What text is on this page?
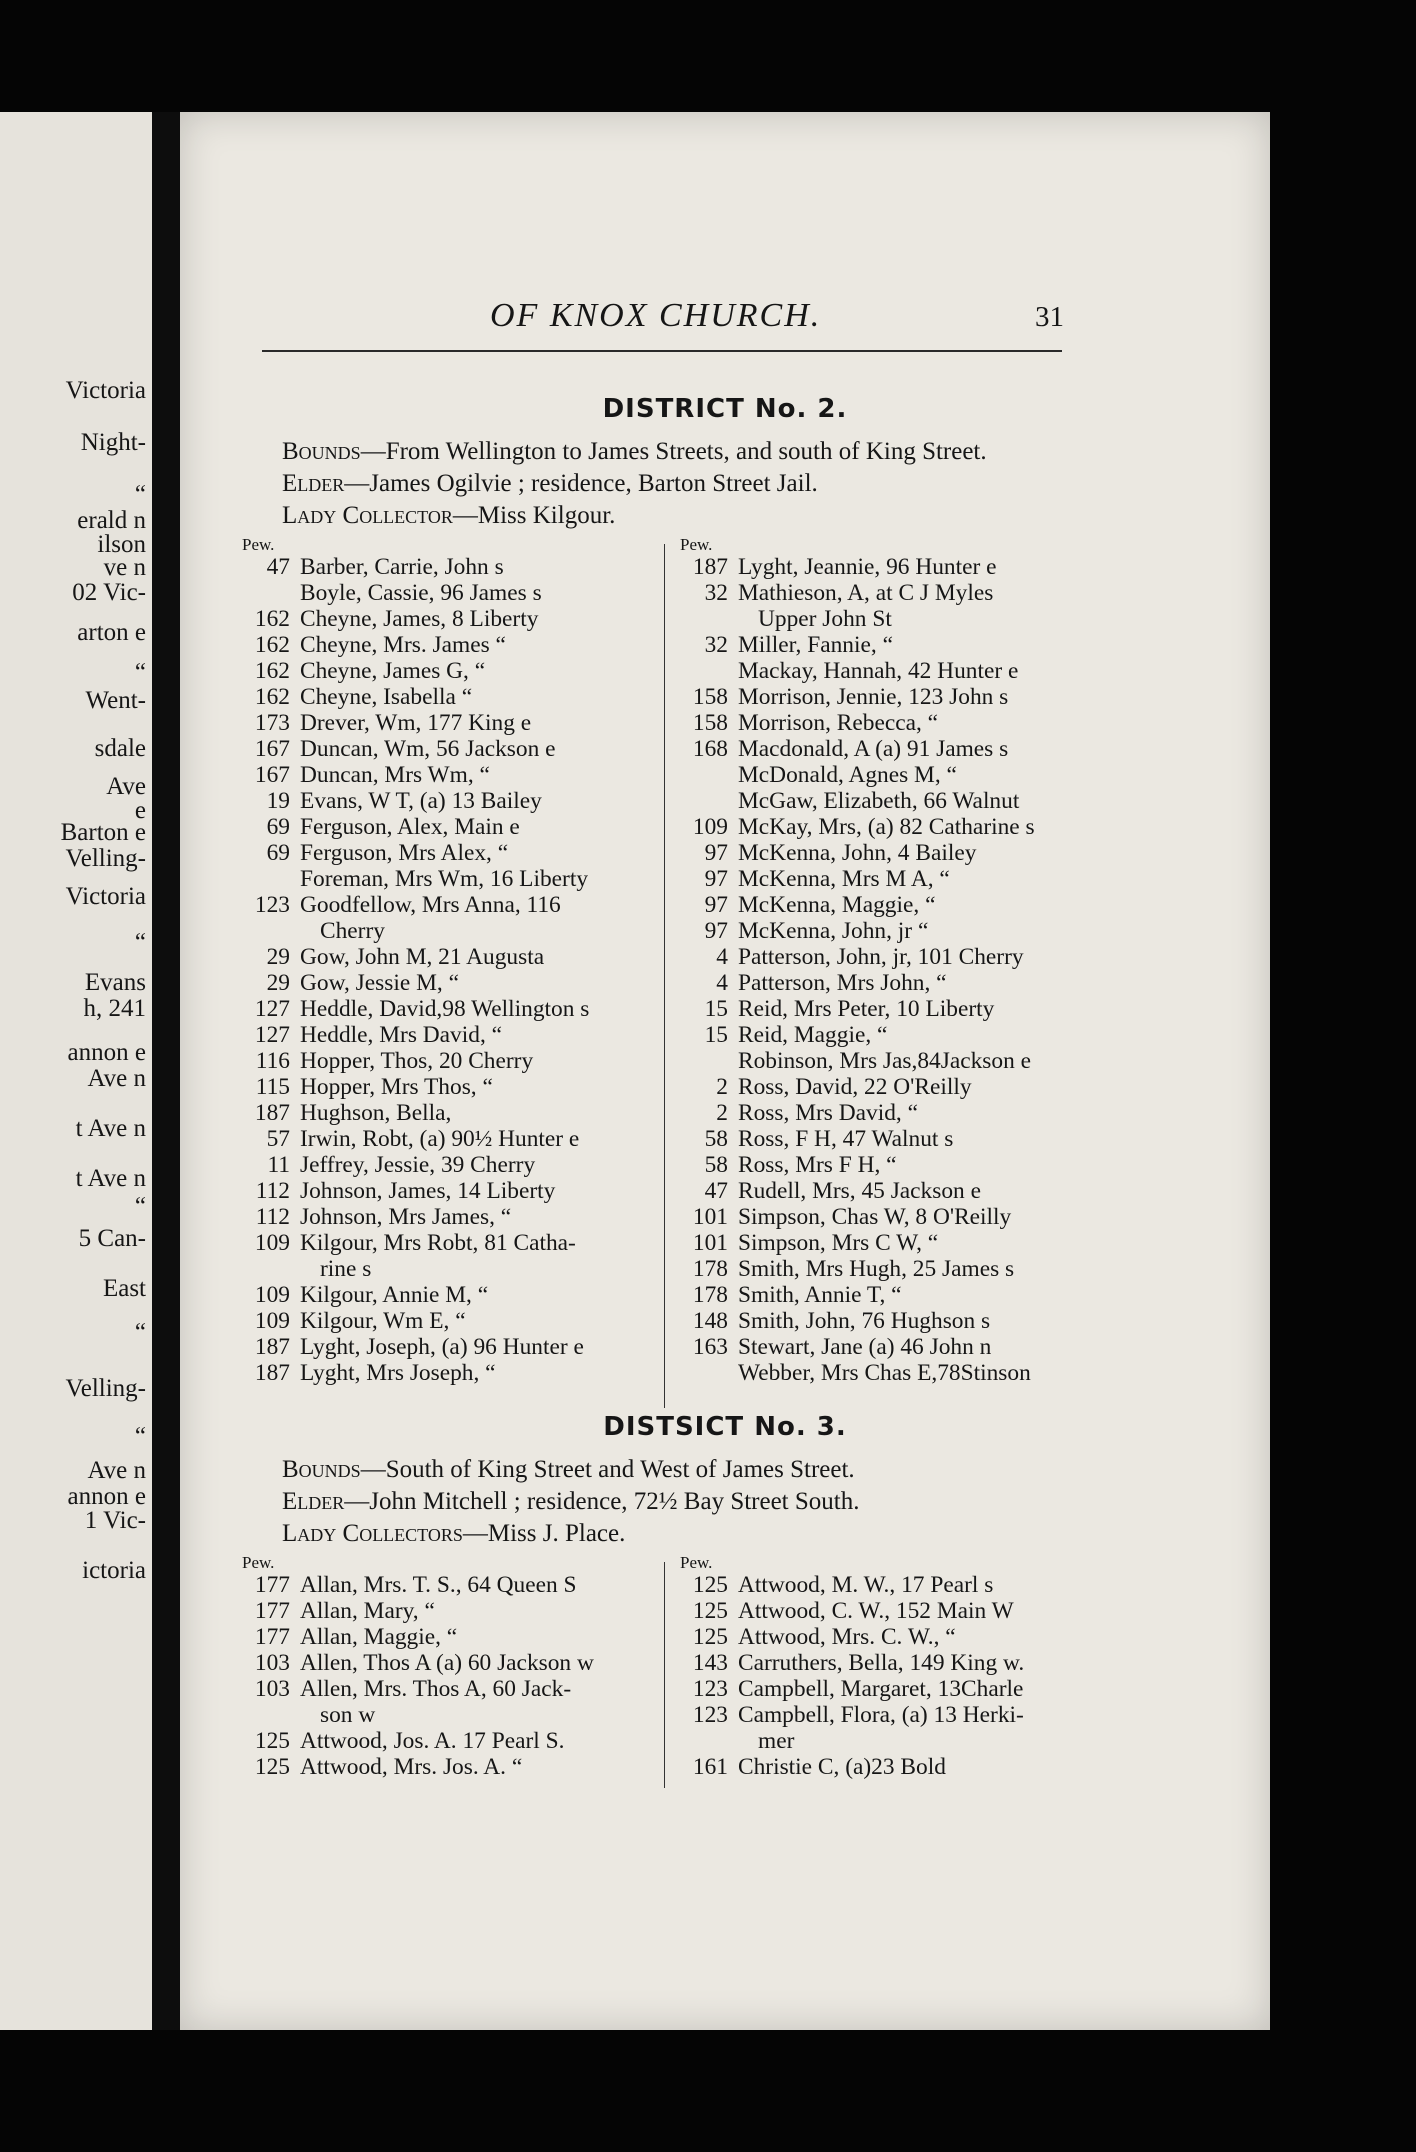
Victoria
Night-
“
erald n
ilson
ve n
02 Vic-
arton e
“
Went-
sdale
Ave
e
Barton e
Velling-
Victoria
“
Evans
h, 241
annon e
Ave n
t Ave n
t Ave n
“
5 Can-
East
“
Velling-
“
Ave n
annon e
1 Vic-
ictoria
OF KNOX CHURCH.	31
DISTRICT No. 2.
Bounds—From Wellington to James Streets, and south of King Street.
Elder—James Ogilvie ; residence, Barton Street Jail.
Lady Collector—Miss Kilgour.
Pew.
47 Barber, Carrie, John s
Boyle, Cassie, 96 James s
162 Cheyne, James, 8 Liberty
162 Cheyne, Mrs. James “
162 Cheyne, James G, “
162 Cheyne, Isabella “
173 Drever, Wm, 177 King e
167 Duncan, Wm, 56 Jackson e
167 Duncan, Mrs Wm, “
19 Evans, W T, (a) 13 Bailey
69 Ferguson, Alex, Main e
69 Ferguson, Mrs Alex, “
Foreman, Mrs Wm, 16 Liberty
123 Goodfellow, Mrs Anna, 116
Cherry
29 Gow, John M, 21 Augusta
29 Gow, Jessie M, “
127 Heddle, David,98 Wellington s
127 Heddle, Mrs David, “
116 Hopper, Thos, 20 Cherry
115 Hopper, Mrs Thos, “
187 Hughson, Bella,
57 Irwin, Robt, (a) 90½ Hunter e
11 Jeffrey, Jessie, 39 Cherry
112 Johnson, James, 14 Liberty
112 Johnson, Mrs James, “
109 Kilgour, Mrs Robt, 81 Catha-
rine s
109 Kilgour, Annie M, “
109 Kilgour, Wm E, “
187 Lyght, Joseph, (a) 96 Hunter e
187 Lyght, Mrs Joseph, “
Pew.
187 Lyght, Jeannie, 96 Hunter e
32 Mathieson, A, at C J Myles
Upper John St
32 Miller, Fannie, “
Mackay, Hannah, 42 Hunter e
158 Morrison, Jennie, 123 John s
158 Morrison, Rebecca, “
168 Macdonald, A (a) 91 James s
McDonald, Agnes M, “
McGaw, Elizabeth, 66 Walnut
109 McKay, Mrs, (a) 82 Catharine s
97 McKenna, John, 4 Bailey
97 McKenna, Mrs M A, “
97 McKenna, Maggie, “
97 McKenna, John, jr “
4 Patterson, John, jr, 101 Cherry
4 Patterson, Mrs John, “
15 Reid, Mrs Peter, 10 Liberty
15 Reid, Maggie, “
Robinson, Mrs Jas,84Jackson e
2 Ross, David, 22 O'Reilly
2 Ross, Mrs David, “
58 Ross, F H, 47 Walnut s
58 Ross, Mrs F H, “
47 Rudell, Mrs, 45 Jackson e
101 Simpson, Chas W, 8 O'Reilly
101 Simpson, Mrs C W, “
178 Smith, Mrs Hugh, 25 James s
178 Smith, Annie T, “
148 Smith, John, 76 Hughson s
163 Stewart, Jane (a) 46 John n
Webber, Mrs Chas E,78Stinson
DISTSICT No. 3.
Bounds—South of King Street and West of James Street.
Elder—John Mitchell ; residence, 72½ Bay Street South.
Lady Collectors—Miss J. Place.
Pew.
177 Allan, Mrs. T. S., 64 Queen S
177 Allan, Mary, “
177 Allan, Maggie, “
103 Allen, Thos A (a) 60 Jackson w
103 Allen, Mrs. Thos A, 60 Jack-
son w
125 Attwood, Jos. A. 17 Pearl S.
125 Attwood, Mrs. Jos. A. “
Pew.
125 Attwood, M. W., 17 Pearl s
125 Attwood, C. W., 152 Main W
125 Attwood, Mrs. C. W., “
143 Carruthers, Bella, 149 King w.
123 Campbell, Margaret, 13Charle
123 Campbell, Flora, (a) 13 Herki-
mer
161 Christie C, (a)23 Bold
